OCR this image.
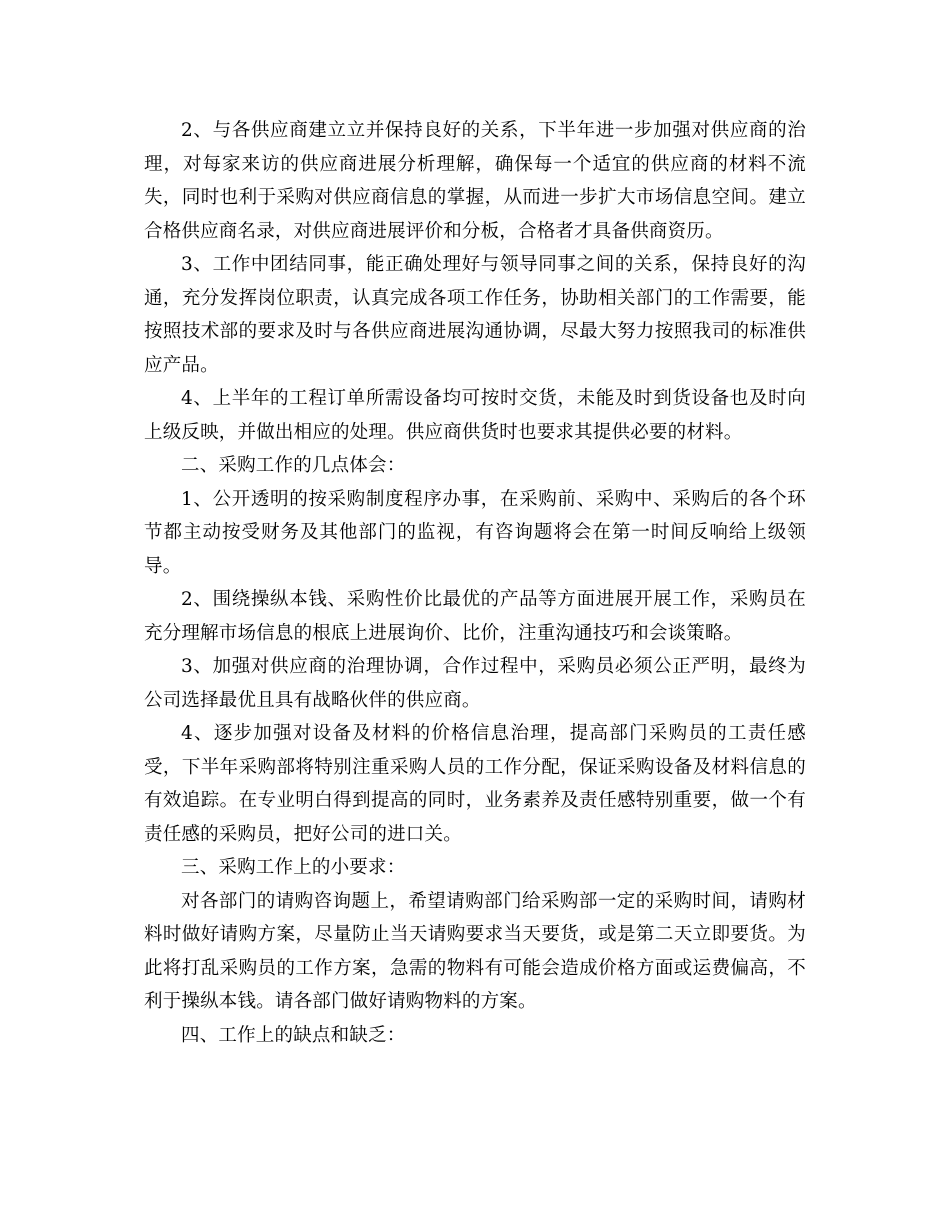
2、与各供应商建立立并保持良好的关系，下半年进一步加强对供应商的治理，对每家来访的供应商进展分析理解，确保每一个适宜的供应商的材料不流失，同时也利于采购对供应商信息的掌握，从而进一步扩大市场信息空间。建立合格供应商名录，对供应商进展评价和分板，合格者才具备供商资历。

3、工作中团结同事，能正确处理好与领导同事之间的关系，保持良好的沟通，充分发挥岗位职责，认真完成各项工作任务，协助相关部门的工作需要，能按照技术部的要求及时与各供应商进展沟通协调，尽最大努力按照我司的标准供应产品。

4、上半年的工程订单所需设备均可按时交货，未能及时到货设备也及时向上级反映，并做出相应的处理。供应商供货时也要求其提供必要的材料。

二、采购工作的几点体会：

1、公开透明的按采购制度程序办事，在采购前、采购中、采购后的各个环节都主动按受财务及其他部门的监视，有咨询题将会在第一时间反响给上级领导。

2、围绕操纵本钱、采购性价比最优的产品等方面进展开展工作，采购员在充分理解市场信息的根底上进展询价、比价，注重沟通技巧和会谈策略。

3、加强对供应商的治理协调，合作过程中，采购员必须公正严明，最终为公司选择最优且具有战略伙伴的供应商。

4、逐步加强对设备及材料的价格信息治理，提高部门采购员的工责任感受，下半年采购部将特别注重采购人员的工作分配，保证采购设备及材料信息的有效追踪。在专业明白得到提高的同时，业务素养及责任感特别重要，做一个有责任感的采购员，把好公司的进口关。

三、采购工作上的小要求：

对各部门的请购咨询题上，希望请购部门给采购部一定的采购时间，请购材料时做好请购方案，尽量防止当天请购要求当天要货，或是第二天立即要货。为此将打乱采购员的工作方案，急需的物料有可能会造成价格方面或运费偏高，不利于操纵本钱。请各部门做好请购物料的方案。

四、工作上的缺点和缺乏：
